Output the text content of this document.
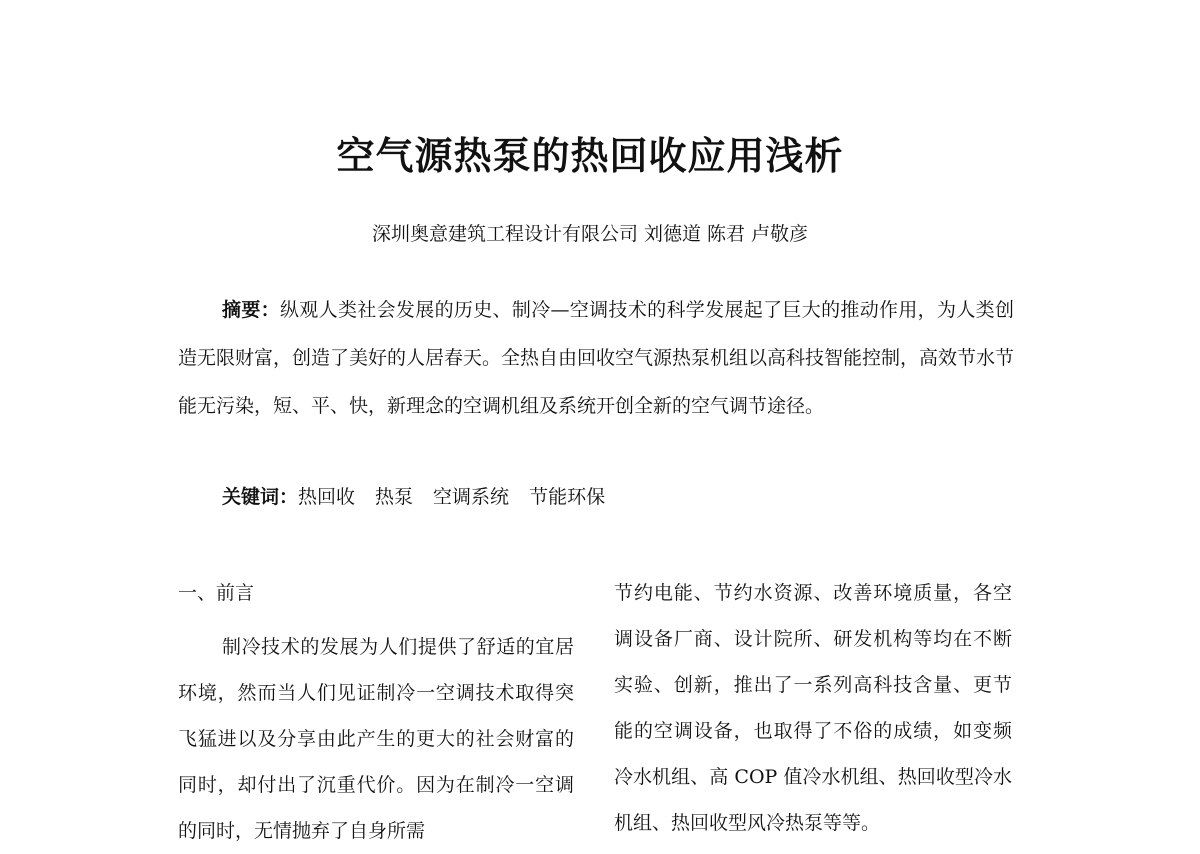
空气源热泵的热回收应用浅析
深圳奥意建筑工程设计有限公司 刘德道 陈君 卢敬彦

摘要：纵观人类社会发展的历史、制冷—空调技术的科学发展起了巨大的推动作用，为人类创造无限财富，创造了美好的人居春天。全热自由回收空气源热泵机组以高科技智能控制，高效节水节能无污染，短、平、快，新理念的空调机组及系统开创全新的空气调节途径。

关键词：热回收 热泵 空调系统 节能环保
一、前言

制冷技术的发展为人们提供了舒适的宜居环境，然而当人们见证制冷一空调技术取得突飞猛进以及分享由此产生的更大的社会财富的同时，却付出了沉重代价。因为在制冷一空调的同时，无情抛弃了自身所需

节约电能、节约水资源、改善环境质量，各空调设备厂商、设计院所、研发机构等均在不断实验、创新，推出了一系列高科技含量、更节能的空调设备，也取得了不俗的成绩，如变频冷水机组、高 COP 值冷水机组、热回收型冷水机组、热回收型风冷热泵等等。
